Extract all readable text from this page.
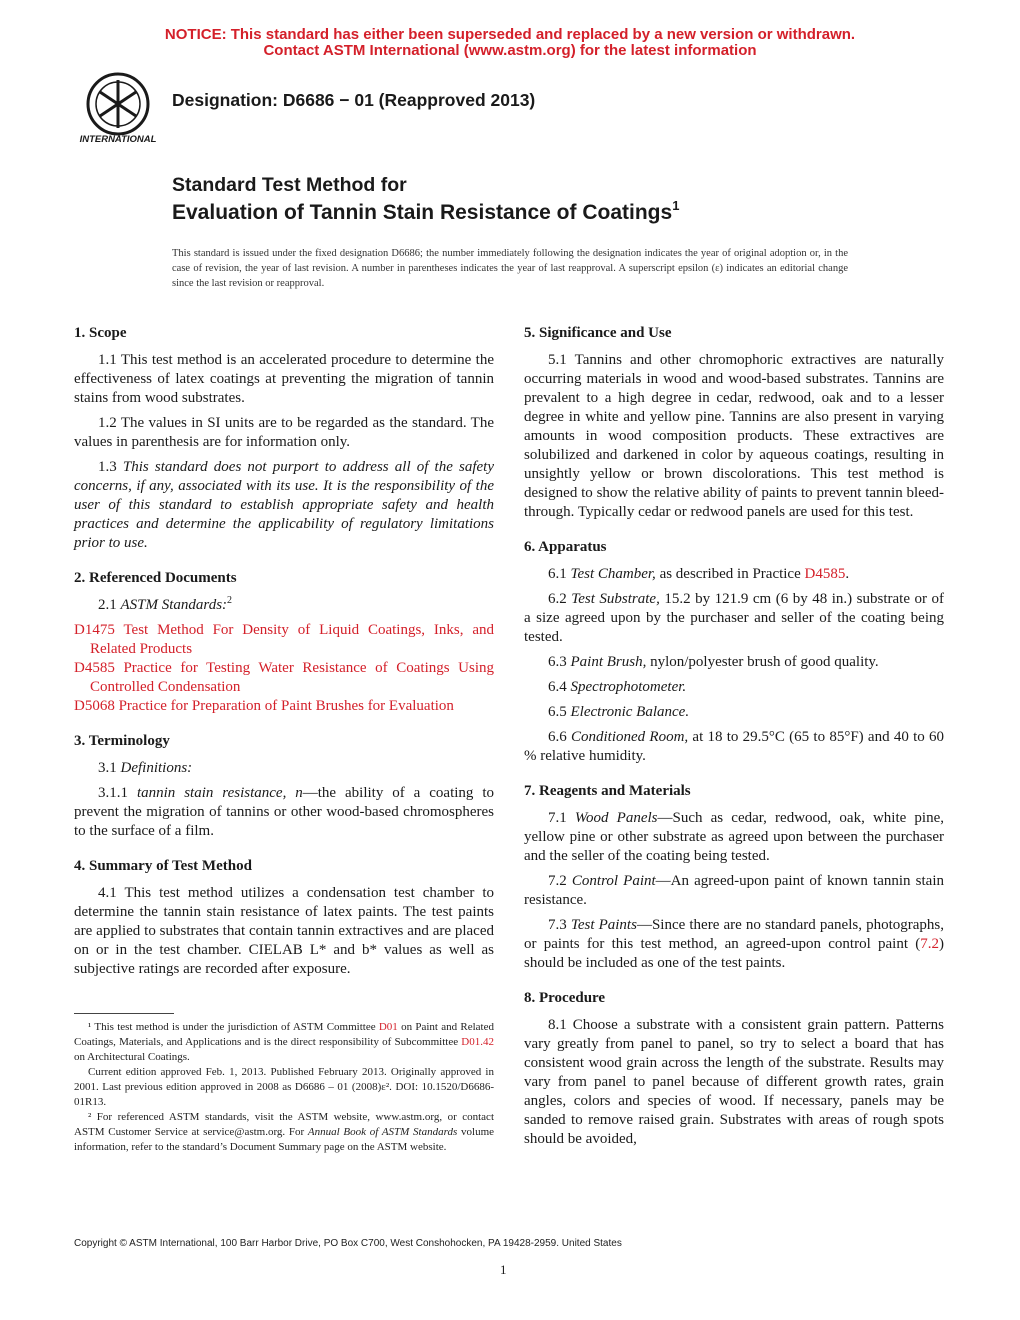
NOTICE: This standard has either been superseded and replaced by a new version or withdrawn.
Contact ASTM International (www.astm.org) for the latest information
INTERNATIONAL
Designation: D6686 − 01 (Reapproved 2013)
Standard Test Method for
Evaluation of Tannin Stain Resistance of Coatings$^1$
This standard is issued under the fixed designation D6686; the number immediately following the designation indicates the year of original adoption or, in the case of revision, the year of last revision. A number in parentheses indicates the year of last reapproval. A superscript epsilon (ε) indicates an editorial change since the last revision or reapproval.
1. Scope

1.1 This test method is an accelerated procedure to determine the effectiveness of latex coatings at preventing the migration of tannin stains from wood substrates.

1.2 The values in SI units are to be regarded as the standard. The values in parenthesis are for information only.

1.3 This standard does not purport to address all of the safety concerns, if any, associated with its use. It is the responsibility of the user of this standard to establish appropriate safety and health practices and determine the applicability of regulatory limitations prior to use.

2. Referenced Documents

2.1 ASTM Standards:$^2$

D1475 Test Method For Density of Liquid Coatings, Inks, and Related Products
D4585 Practice for Testing Water Resistance of Coatings Using Controlled Condensation
D5068 Practice for Preparation of Paint Brushes for Evaluation
3. Terminology

3.1 Definitions:

3.1.1 tannin stain resistance, n—the ability of a coating to prevent the migration of tannins or other wood-based chromospheres to the surface of a film.

4. Summary of Test Method

4.1 This test method utilizes a condensation test chamber to determine the tannin stain resistance of latex paints. The test paints are applied to substrates that contain tannin extractives and are placed on or in the test chamber. CIELAB L* and b* values as well as subjective ratings are recorded after exposure.

¹ This test method is under the jurisdiction of ASTM Committee D01 on Paint and Related Coatings, Materials, and Applications and is the direct responsibility of Subcommittee D01.42 on Architectural Coatings.

Current edition approved Feb. 1, 2013. Published February 2013. Originally approved in 2001. Last previous edition approved in 2008 as D6686 – 01 (2008)ε². DOI: 10.1520/D6686-01R13.

² For referenced ASTM standards, visit the ASTM website, www.astm.org, or contact ASTM Customer Service at service@astm.org. For Annual Book of ASTM Standards volume information, refer to the standard’s Document Summary page on the ASTM website.

5. Significance and Use

5.1 Tannins and other chromophoric extractives are naturally occurring materials in wood and wood-based substrates. Tannins are prevalent to a high degree in cedar, redwood, oak and to a lesser degree in white and yellow pine. Tannins are also present in varying amounts in wood composition products. These extractives are solubilized and darkened in color by aqueous coatings, resulting in unsightly yellow or brown discolorations. This test method is designed to show the relative ability of paints to prevent tannin bleed-through. Typically cedar or redwood panels are used for this test.

6. Apparatus

6.1 Test Chamber, as described in Practice D4585.

6.2 Test Substrate, 15.2 by 121.9 cm (6 by 48 in.) substrate or of a size agreed upon by the purchaser and seller of the coating being tested.

6.3 Paint Brush, nylon/polyester brush of good quality.

6.4 Spectrophotometer.

6.5 Electronic Balance.

6.6 Conditioned Room, at 18 to 29.5°C (65 to 85°F) and 40 to 60 % relative humidity.

7. Reagents and Materials

7.1 Wood Panels—Such as cedar, redwood, oak, white pine, yellow pine or other substrate as agreed upon between the purchaser and the seller of the coating being tested.

7.2 Control Paint—An agreed-upon paint of known tannin stain resistance.

7.3 Test Paints—Since there are no standard panels, photographs, or paints for this test method, an agreed-upon control paint (7.2) should be included as one of the test paints.

8. Procedure

8.1 Choose a substrate with a consistent grain pattern. Patterns vary greatly from panel to panel, so try to select a board that has consistent wood grain across the length of the substrate. Results may vary from panel to panel because of different growth rates, grain angles, colors and species of wood. If necessary, panels may be sanded to remove raised grain. Substrates with areas of rough spots should be avoided,

Copyright © ASTM International, 100 Barr Harbor Drive, PO Box C700, West Conshohocken, PA 19428-2959. United States
1
